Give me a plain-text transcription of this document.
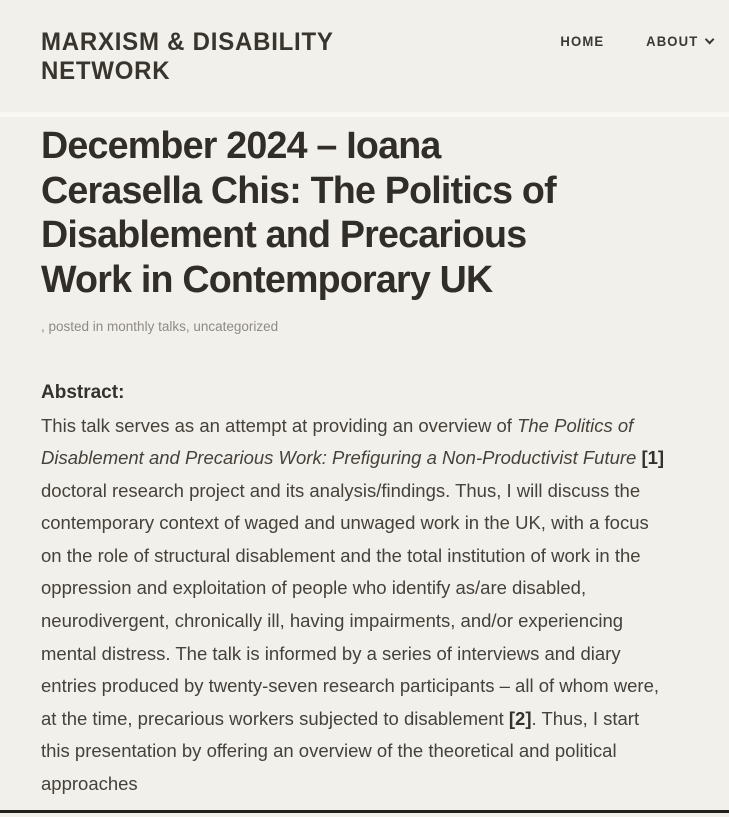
MARXISM & DISABILITY
NETWORK
HOME	ABOUT
December 2024 – Ioana
Cerasella Chis: The Politics of
Disablement and Precarious
Work in Contemporary UK
, posted in monthly talks, uncategorized
Abstract:

This talk serves as an attempt at providing an overview of The Politics of Disablement and Precarious Work: Prefiguring a Non-Productivist Future [1] doctoral research project and its analysis/findings. Thus, I will discuss the contemporary context of waged and unwaged work in the UK, with a focus on the role of structural disablement and the total institution of work in the oppression and exploitation of people who identify as/are disabled, neurodivergent, chronically ill, having impairments, and/or experiencing mental distress. The talk is informed by a series of interviews and diary entries produced by twenty-seven research participants – all of whom were, at the time, precarious workers subjected to disablement [2]. Thus, I start this presentation by offering an overview of the theoretical and political approaches
